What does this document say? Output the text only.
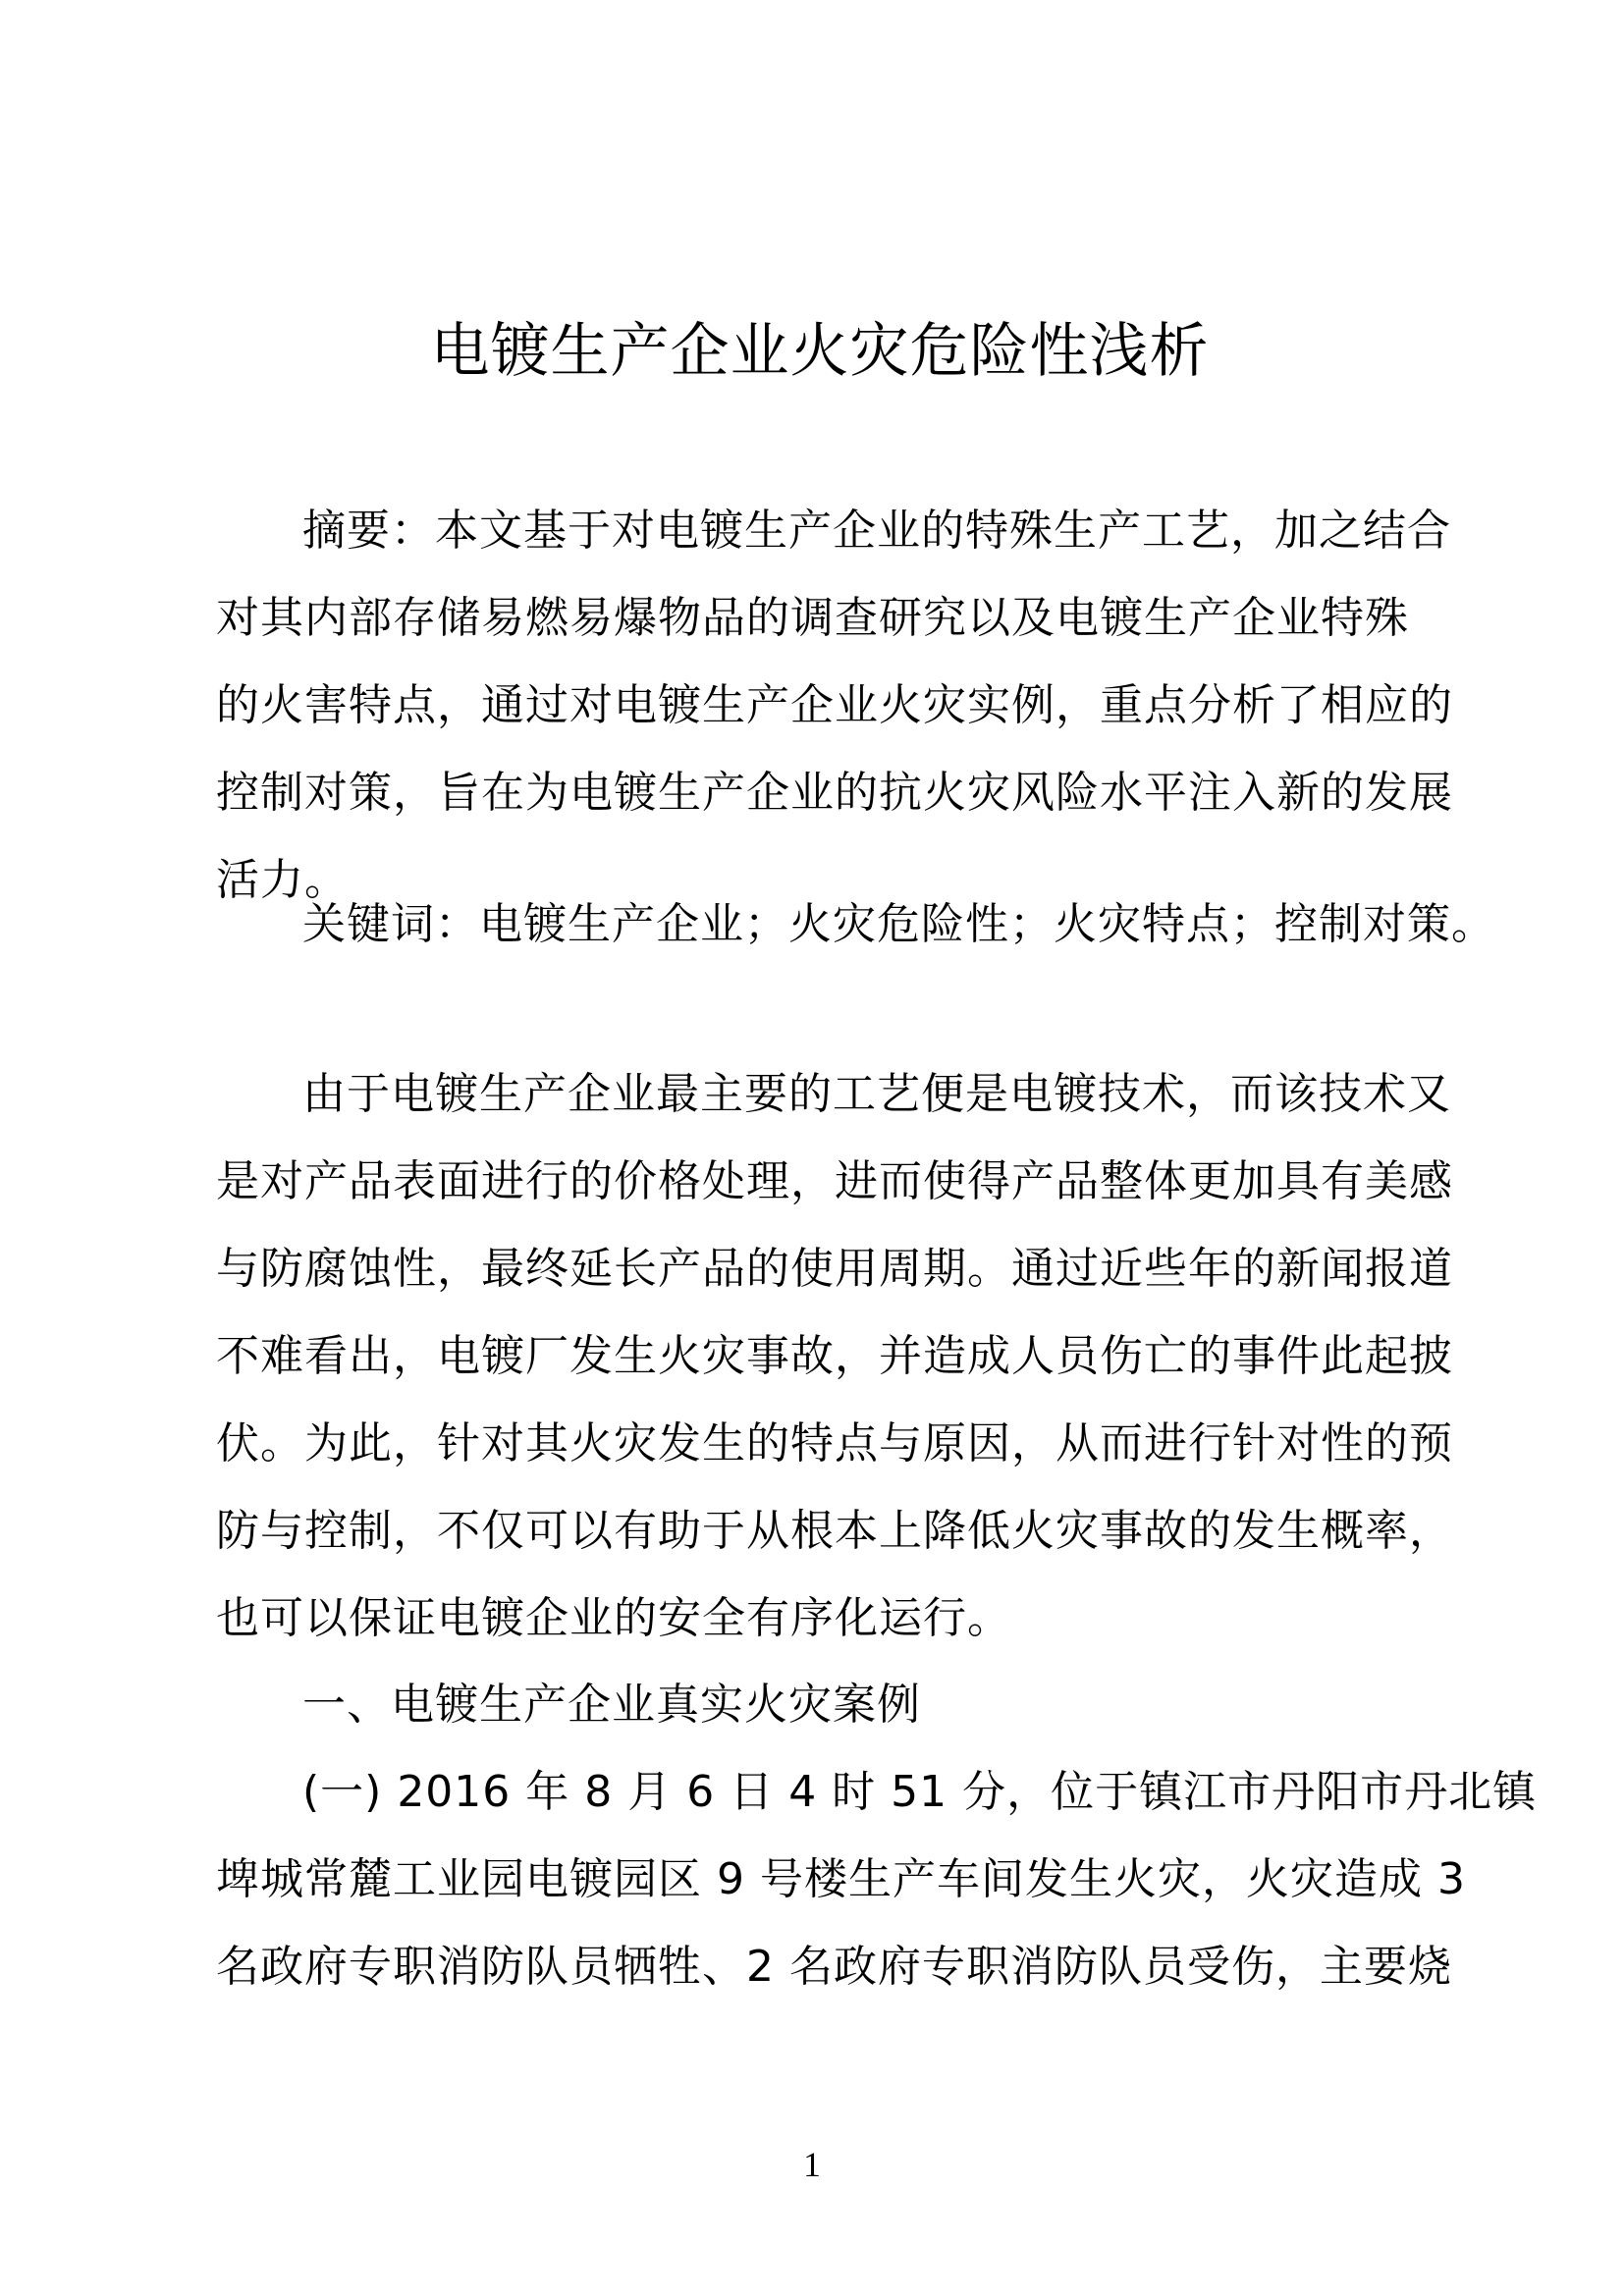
电镀生产企业火灾危险性浅析
摘要：本文基于对电镀生产企业的特殊生产工艺，加之结合
对其内部存储易燃易爆物品的调查研究以及电镀生产企业特殊
的火害特点，通过对电镀生产企业火灾实例，重点分析了相应的
控制对策，旨在为电镀生产企业的抗火灾风险水平注入新的发展
活力。
关键词：电镀生产企业；火灾危险性；火灾特点；控制对策。
由于电镀生产企业最主要的工艺便是电镀技术，而该技术又
是对产品表面进行的价格处理，进而使得产品整体更加具有美感
与防腐蚀性，最终延长产品的使用周期。通过近些年的新闻报道
不难看出，电镀厂发生火灾事故，并造成人员伤亡的事件此起披
伏。为此，针对其火灾发生的特点与原因，从而进行针对性的预
防与控制，不仅可以有助于从根本上降低火灾事故的发生概率，
也可以保证电镀企业的安全有序化运行。
一、电镀生产企业真实火灾案例
(一) 2016 年 8 月 6 日 4 时 51 分，位于镇江市丹阳市丹北镇
埤城常麓工业园电镀园区 9 号楼生产车间发生火灾，火灾造成 3
名政府专职消防队员牺牲、2 名政府专职消防队员受伤，主要烧
1
